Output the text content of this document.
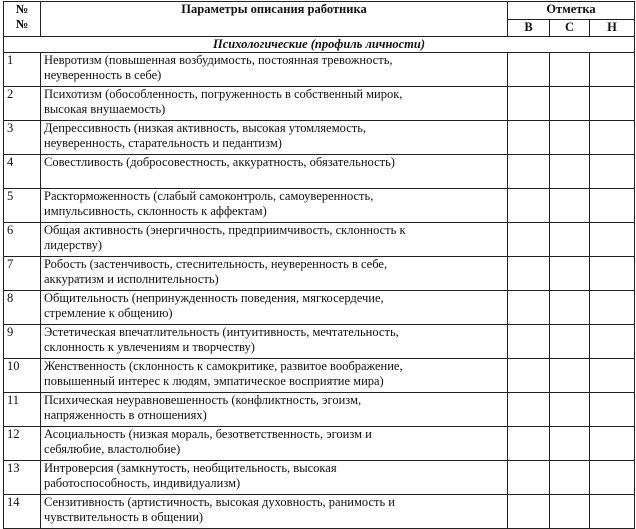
№
№	Параметры описания работника	Отметка		
		В	С	Н
Психологические (профиль личности)				
1	Невротизм (повышенная возбудимость, постоянная тревожность,
неуверенность в себе)			

2	Психотизм (обособленность, погруженность в собственный мирок,
высокая внушаемость)			

3	Депрессивность (низкая активность, высокая утомляемость,
неуверенность, старательность и педантизм)			

4	Совестливость (добросовестность, аккуратность, обязательность)			

5	Раскторможенность (слабый самоконтроль, самоуверенность,
импульсивность, склонность к аффектам)			

6	Общая активность (энергичность, предприимчивость, склонность к
лидерству)			

7	Робость (застенчивость, стеснительность, неуверенность в себе,
аккуратизм и исполнительность)			

8	Общительность (непринужденность поведения, мягкосердечие,
стремление к общению)			

9	Эстетическая впечатлительность (интуитивность, мечтательность,
склонность к увлечениям и творчеству)			

10	Женственность (склонность к самокритике, развитое воображение,
повышенный интерес к людям, эмпатическое восприятие мира)			

11	Психическая неуравновешенность (конфликтность, эгоизм,
напряженность в отношениях)			

12	Асоциальность (низкая мораль, безответственность, эгоизм и
себялюбие, властолюбие)			

13	Интроверсия (замкнутость, необщительность, высокая
работоспособность, индивидуализм)			

14	Сензитивность (артистичность, высокая духовность, ранимость и
чувствительность в общении)			
